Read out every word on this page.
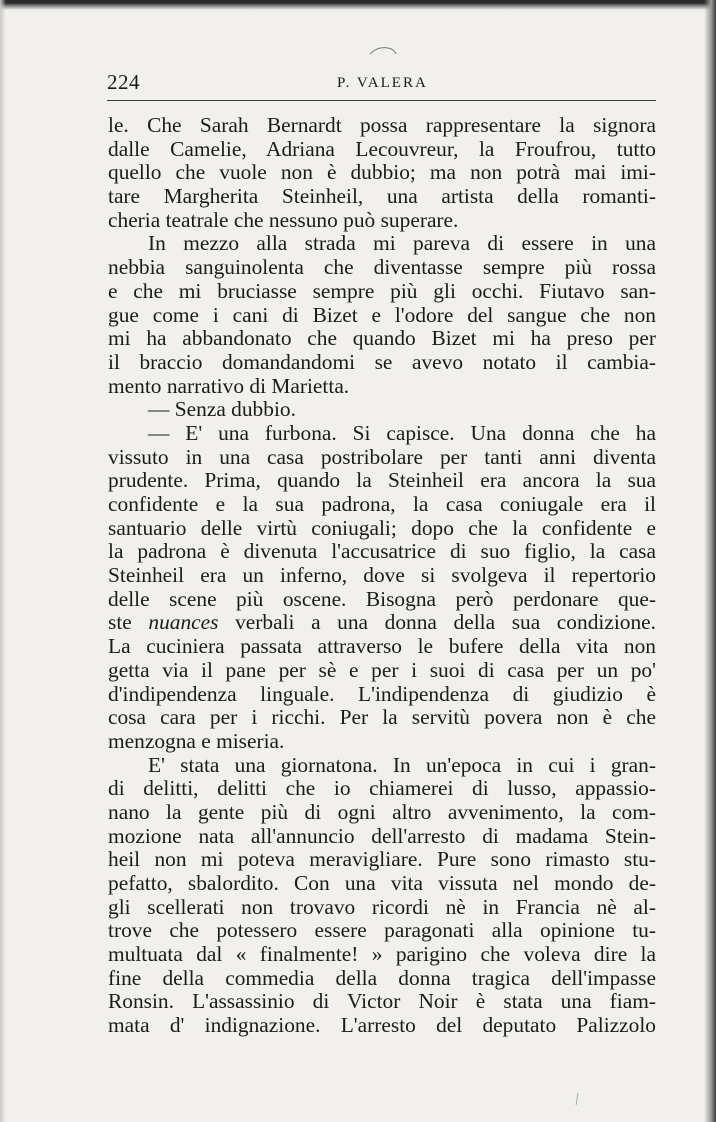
224	P. VALERA
le. Che Sarah Bernardt possa rappresentare la signora
dalle Camelie, Adriana Lecouvreur, la Froufrou, tutto
quello che vuole non è dubbio; ma non potrà mai imi-
tare Margherita Steinheil, una artista della romanti-
cheria teatrale che nessuno può superare.
In mezzo alla strada mi pareva di essere in una
nebbia sanguinolenta che diventasse sempre più rossa
e che mi bruciasse sempre più gli occhi. Fiutavo san-
gue come i cani di Bizet e l'odore del sangue che non
mi ha abbandonato che quando Bizet mi ha preso per
il braccio domandandomi se avevo notato il cambia-
mento narrativo di Marietta.
— Senza dubbio.
— E' una furbona. Si capisce. Una donna che ha
vissuto in una casa postribolare per tanti anni diventa
prudente. Prima, quando la Steinheil era ancora la sua
confidente e la sua padrona, la casa coniugale era il
santuario delle virtù coniugali; dopo che la confidente e
la padrona è divenuta l'accusatrice di suo figlio, la casa
Steinheil era un inferno, dove si svolgeva il repertorio
delle scene più oscene. Bisogna però perdonare que-
ste nuances verbali a una donna della sua condizione.
La cuciniera passata attraverso le bufere della vita non
getta via il pane per sè e per i suoi di casa per un po'
d'indipendenza linguale. L'indipendenza di giudizio è
cosa cara per i ricchi. Per la servitù povera non è che
menzogna e miseria.
E' stata una giornatona. In un'epoca in cui i gran-
di delitti, delitti che io chiamerei di lusso, appassio-
nano la gente più di ogni altro avvenimento, la com-
mozione nata all'annuncio dell'arresto di madama Stein-
heil non mi poteva meravigliare. Pure sono rimasto stu-
pefatto, sbalordito. Con una vita vissuta nel mondo de-
gli scellerati non trovavo ricordi nè in Francia nè al-
trove che potessero essere paragonati alla opinione tu-
multuata dal « finalmente! » parigino che voleva dire la
fine della commedia della donna tragica dell'impasse
Ronsin. L'assassinio di Victor Noir è stata una fiam-
mata d' indignazione. L'arresto del deputato Palizzolo
